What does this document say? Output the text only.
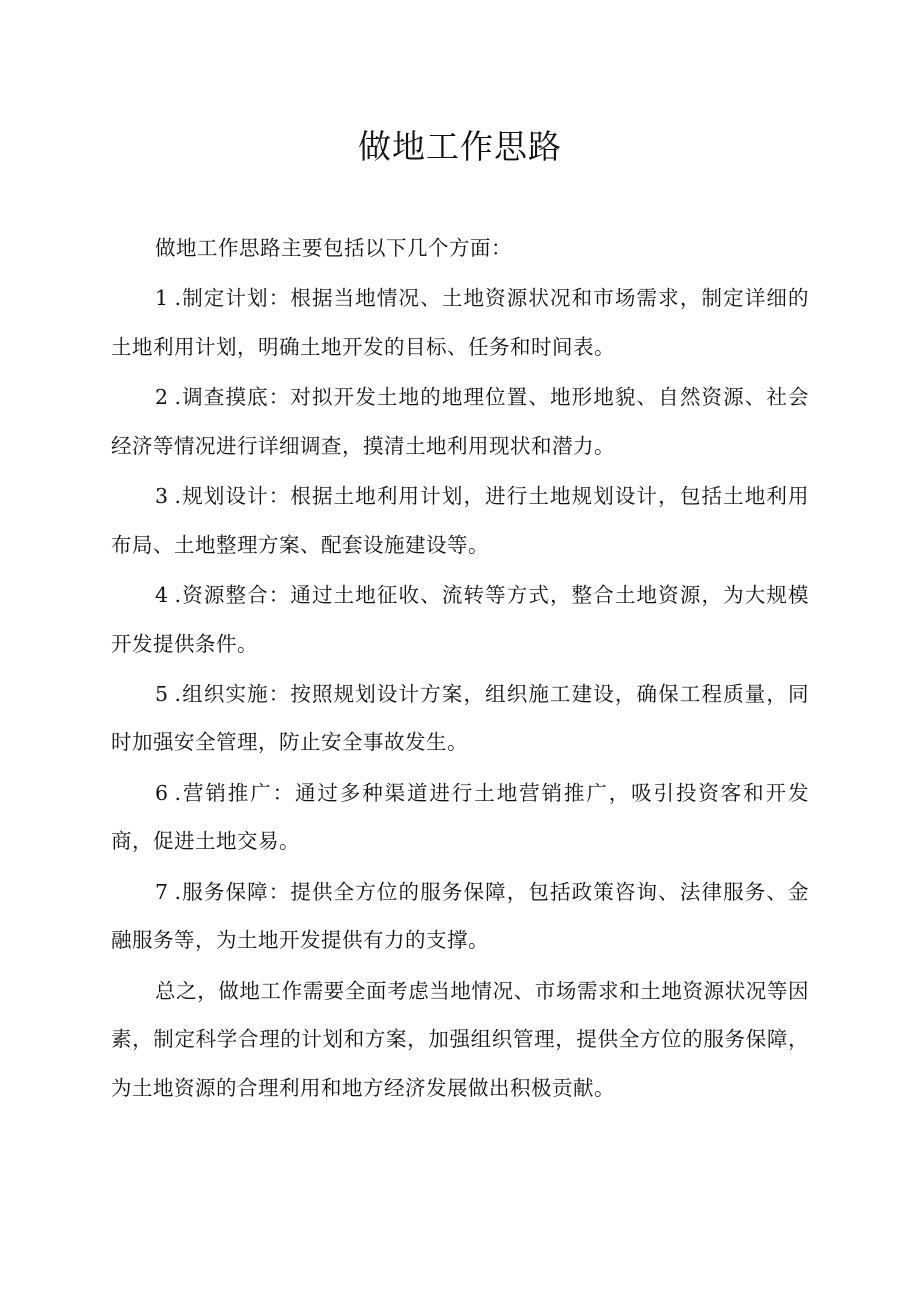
做地工作思路

做地工作思路主要包括以下几个方面：

1 .制定计划：根据当地情况、土地资源状况和市场需求，制定详细的土地利用计划，明确土地开发的目标、任务和时间表。

2 .调查摸底：对拟开发土地的地理位置、地形地貌、自然资源、社会经济等情况进行详细调查，摸清土地利用现状和潜力。

3 .规划设计：根据土地利用计划，进行土地规划设计，包括土地利用布局、土地整理方案、配套设施建设等。

4 .资源整合：通过土地征收、流转等方式，整合土地资源，为大规模开发提供条件。

5 .组织实施：按照规划设计方案，组织施工建设，确保工程质量，同时加强安全管理，防止安全事故发生。

6 .营销推广：通过多种渠道进行土地营销推广，吸引投资客和开发商，促进土地交易。

7 .服务保障：提供全方位的服务保障，包括政策咨询、法律服务、金融服务等，为土地开发提供有力的支撑。

总之，做地工作需要全面考虑当地情况、市场需求和土地资源状况等因素，制定科学合理的计划和方案，加强组织管理，提供全方位的服务保障，为土地资源的合理利用和地方经济发展做出积极贡献。
